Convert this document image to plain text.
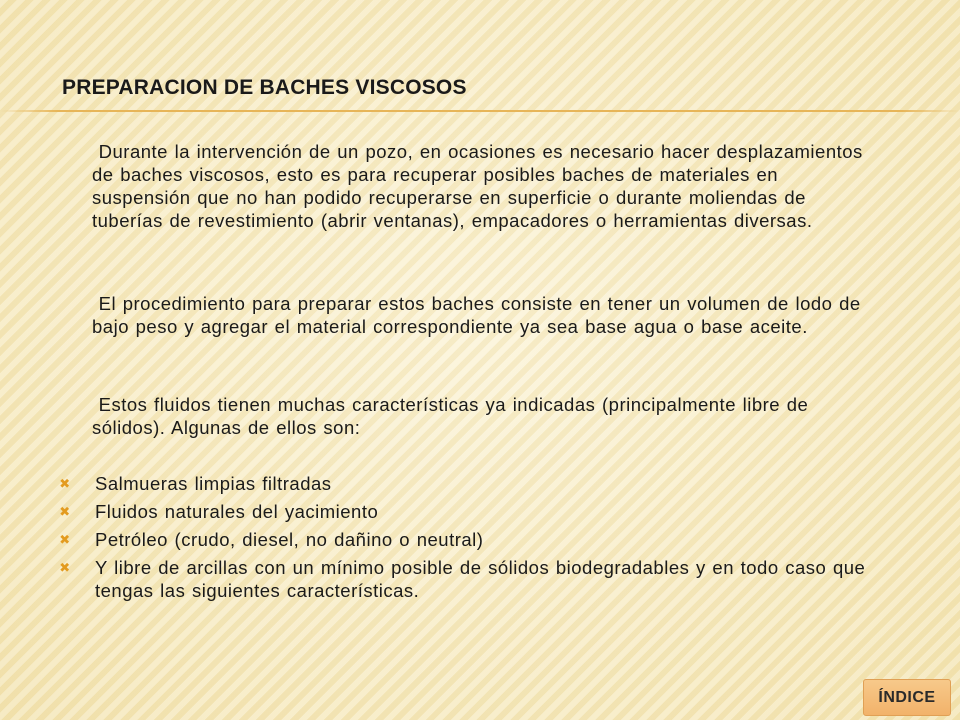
PREPARACION DE BACHES VISCOSOS

Durante la intervención de un pozo, en ocasiones es necesario hacer desplazamientos de baches viscosos, esto es para recuperar posibles baches de materiales en suspensión que no han podido recuperarse en superficie o durante moliendas de tuberías de revestimiento (abrir ventanas), empacadores o herramientas diversas.

El procedimiento para preparar estos baches consiste en tener un volumen de lodo de bajo peso y agregar el material correspondiente ya sea base agua o base aceite.

Estos fluidos tienen muchas características ya indicadas (principalmente libre de sólidos). Algunas de ellos son:

✖ Salmueras limpias filtradas
✖ Fluidos naturales del yacimiento
✖ Petróleo (crudo, diesel, no dañino o neutral)
✖ Y libre de arcillas con un mínimo posible de sólidos biodegradables y en todo caso que tengas las siguientes características.
ÍNDICE
